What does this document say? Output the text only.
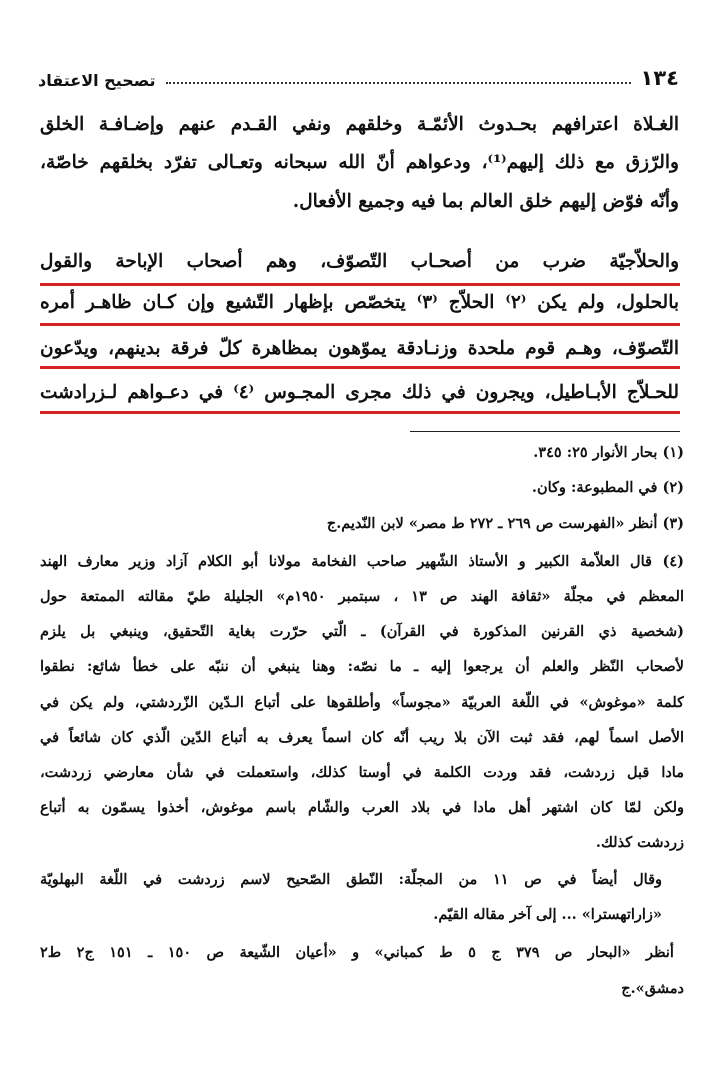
١٣٤
تصحيح الاعتقاد
الغـلاة اعترافهم بحـدوث الأئمّـة وخلقهم ونفي القـدم عنهم وإضـافـة الخلق
والرّزق مع ذلك إليهم⁽¹⁾، ودعواهم أنّ الله سبحانه وتعـالى تفرّد بخلقهم خاصّة،
وأنّه فوّض إليهم خلق العالم بما فيه وجميع الأفعال.
والحلاّجيّة ضرب من أصحـاب التّصوّف، وهم أصحاب الإباحة والقول
بالحلول، ولم يكن ⁽٢⁾ الحلاّج ⁽٣⁾ يتخصّص بإظهار التّشيع وإن كـان ظاهـر أمره
التّصوّف، وهـم قوم ملحدة وزنـادقة يموّهون بمظاهرة كلّ فرقة بدينهم، ويدّعون
للحـلاّج الأبـاطيل، ويجرون في ذلك مجرى المجـوس ⁽٤⁾ في دعـواهم لـزرادشت
(١) بحار الأنوار ٢٥: ٣٤٥.
(٢) في المطبوعة: وكان.
(٣) أنظر «الفهرست ص ٢٦٩ ـ ٢٧٢ ط مصر» لابن النّديم.ج
(٤) قال العلاّمة الكبير و الأستاذ الشّهير صاحب الفخامة مولانا أبو الكلام آزاد وزير معارف الهند
المعظم في مجلّة «ثقافة الهند ص ١٣ ، سبتمبر ١٩٥٠م» الجليلة طيّ مقالته الممتعة حول
(شخصية ذي القرنين المذكورة في القرآن) ـ الّتي حرّرت بغاية التّحقيق، وينبغي بل يلزم
لأصحاب النّظر والعلم أن يرجعوا إليه ـ ما نصّه: وهنا ينبغي أن ننبّه على خطأ شائع: نطقوا
كلمة «موغوش» في اللّغة العربيّة «مجوساً» وأطلقوها على أتباع الـدّين الزّردشتي، ولم يكن في
الأصل اسماً لهم، فقد ثبت الآن بلا ريب أنّه كان اسماً يعرف به أتباع الدّين الّذي كان شائعاً في
مادا قبل زردشت، فقد وردت الكلمة في أوستا كذلك، واستعملت في شأن معارضي زردشت،
ولكن لمّا كان اشتهر أهل مادا في بلاد العرب والشّام باسم موغوش، أخذوا يسمّون به أتباع
زردشت كذلك.
وقال أيضاً في ص ١١ من المجلّة: النّطق الصّحيح لاسم زردشت في اللّغة البهلويّة
«زاراتهسترا» ... إلى آخر مقاله القيّم.
أنظر «البحار ص ٣٧٩ ج ٥ ط كمباني» و «أعيان الشّيعة ص ١٥٠ ـ ١٥١ ج٢ ط٢
دمشق».ج
